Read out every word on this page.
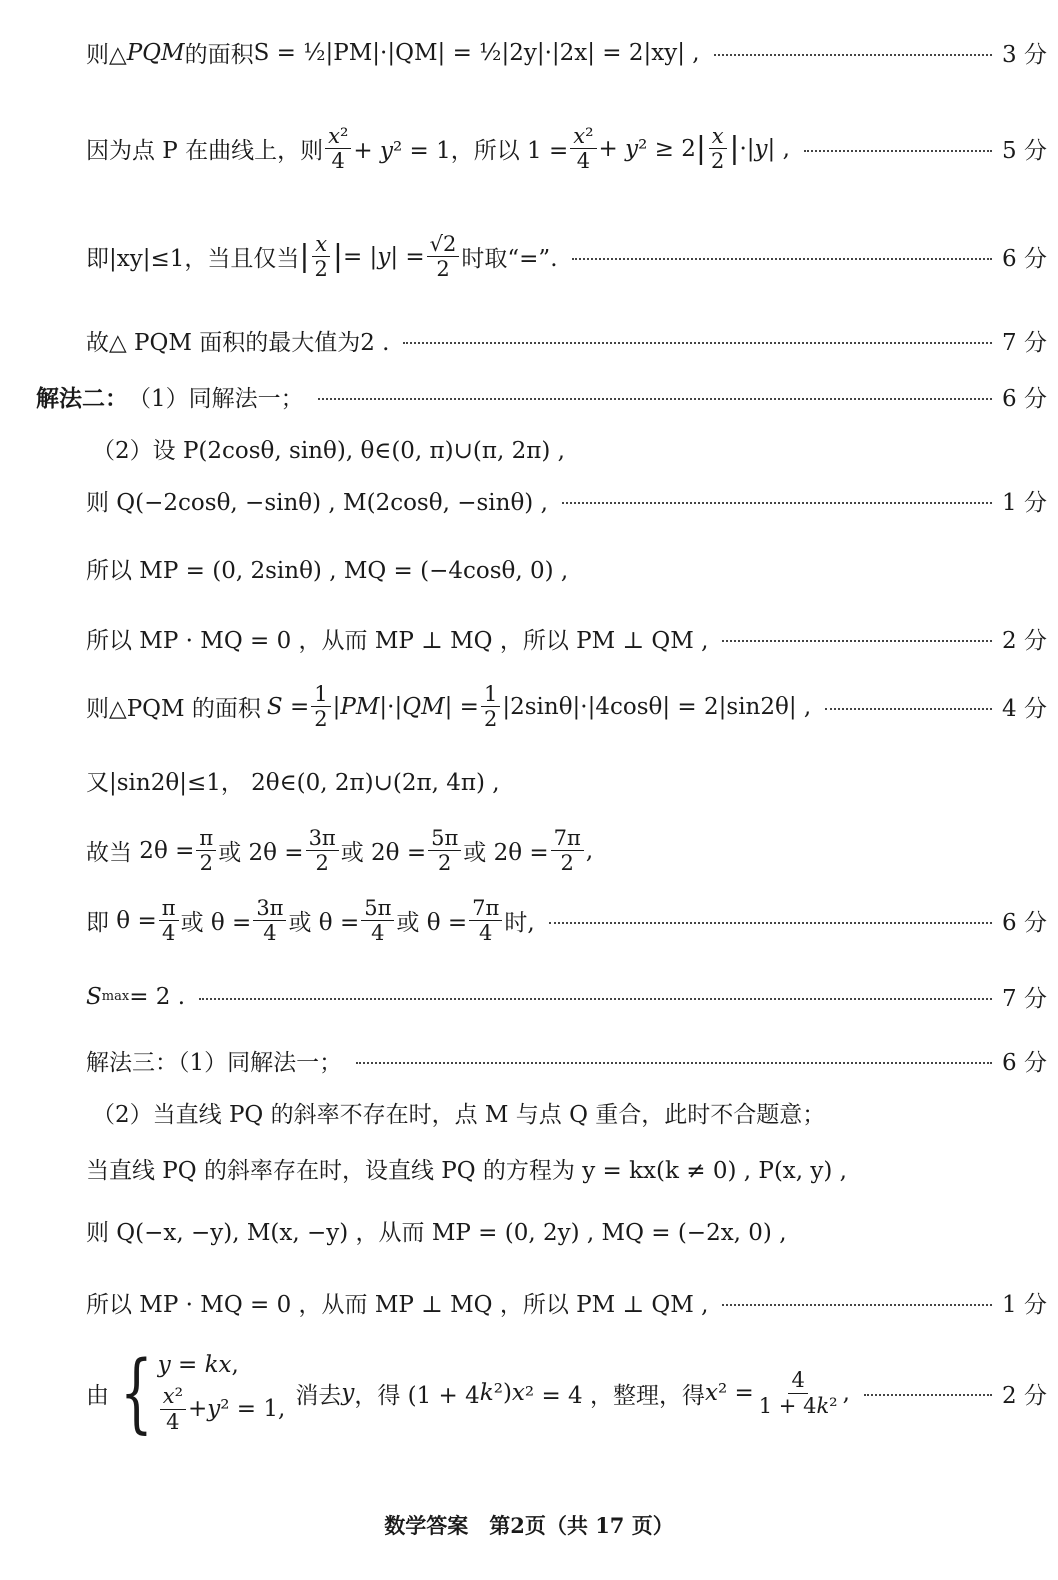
则△ PQM 的面积 S = ½|PM|·|QM| = ½|2y|·|2x| = 2|xy| ,	3 分
因为点 P 在曲线上，则 $\frac{\text{x²}}{4} + y^2 = 1$，所以 $1 = \frac{\text{x²}}{4} + y^2 \ge 2$ | $\frac{x}{2}$ | ·|y| ,	5 分
即|xy|≤1，当且仅当 | $\frac{x}{2}$ | = $|y| = \frac{√2}{2}$ 时取“=”.	6 分
故△ PQM 面积的最大值为2 .	7 分
解法二： （1）同解法一；	6 分
（2）设 P(2cosθ, sinθ), θ∈(0, π)∪(π, 2π) ,
则 Q(−2cosθ, −sinθ) , M(2cosθ, −sinθ) ,	1 分
所以 MP = (0, 2sinθ) , MQ = (−4cosθ, 0) ,
所以 MP · MQ = 0 ，从而 MP ⊥ MQ ，所以 PM ⊥ QM ,	2 分
则△PQM 的面积 $S = \frac{1}{2}$ | PM |·| QM | = $\frac{1}{2} |2\sin\theta|\cdot|4\cos\theta| = 2|\sin 2\theta|$ ,	4 分
又|sin2θ|≤1， 2θ∈(0, 2π)∪(2π, 4π) ,
故当 $2\theta = \frac{\pi}{2}$ 或 $2\theta = \frac{3\pi}{2}$ 或 $2\theta = \frac{5\pi}{2}$ 或 $2\theta = \frac{7\pi}{2}$ ,
即 $\theta = \frac{\pi}{4}$ 或 $\theta = \frac{3\pi}{4}$ 或 $\theta = \frac{5\pi}{4}$ 或 $\theta = \frac{7\pi}{4}$ 时,	6 分
S max = 2 .	7 分
解法三：（1）同解法一；	6 分
（2）当直线 PQ 的斜率不存在时，点 M 与点 Q 重合，此时不合题意；
当直线 PQ 的斜率存在时，设直线 PQ 的方程为 y = kx(k ≠ 0) , P(x, y) ,
则 Q(−x, −y), M(x, −y) ，从而 MP = (0, 2y) , MQ = (−2x, 0) ,
所以 MP · MQ = 0 ，从而 MP ⊥ MQ ，所以 PM ⊥ QM ,	1 分
由 { y = kx,
$\frac{\text{x²}}{4} + y$ ² = 1,
消去 y ，得 (1 + 4 k ²) x ² = 4 ，整理，得 x $^2 = \frac{4}{\text{1 + 4k²}}$ ,	2 分
数学答案　第2页（共 17 页）
